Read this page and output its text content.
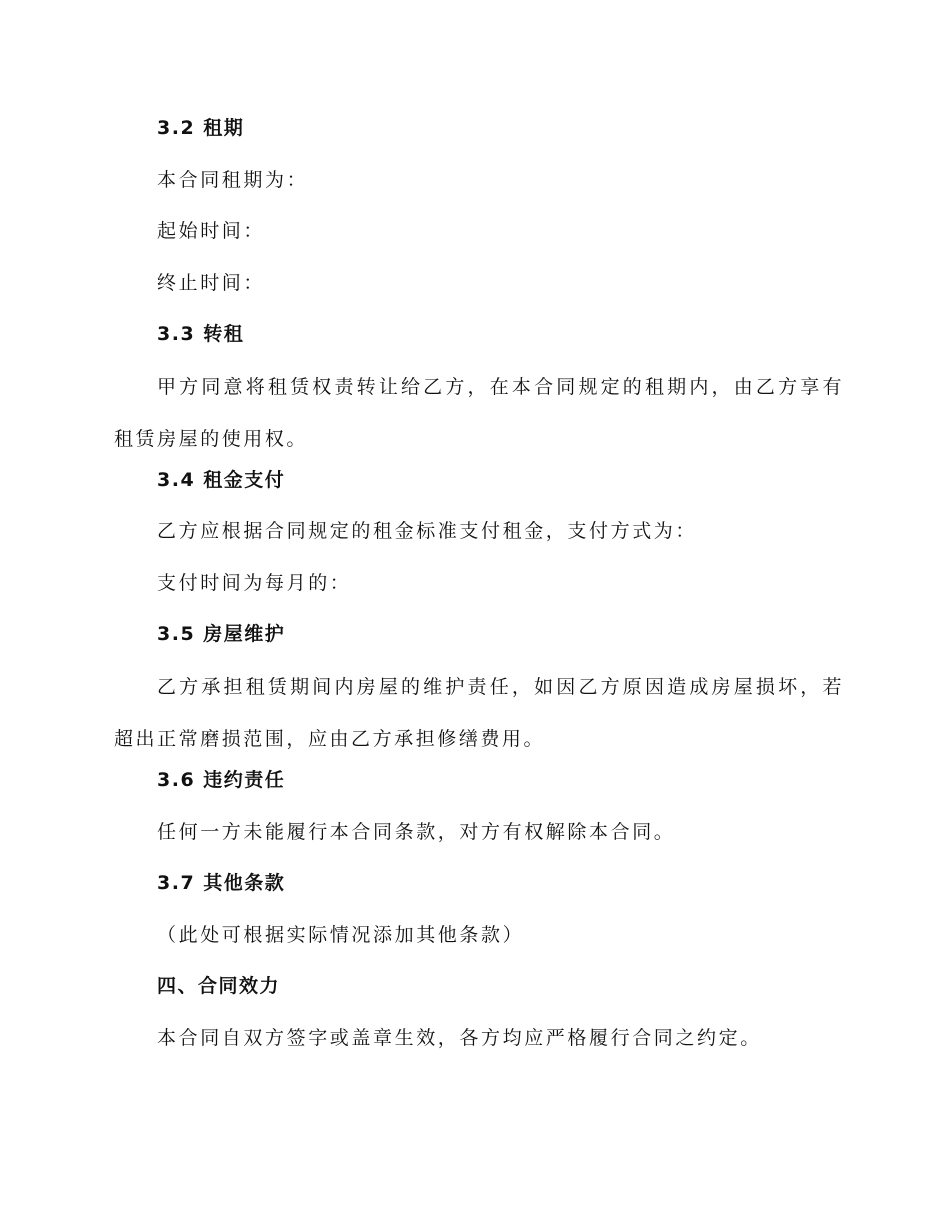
3.2 租期
本合同租期为：
起始时间：
终止时间：
3.3 转租
甲方同意将租赁权责转让给乙方，在本合同规定的租期内，由乙方享有租赁房屋的使用权。
3.4 租金支付
乙方应根据合同规定的租金标准支付租金，支付方式为：
支付时间为每月的：
3.5 房屋维护
乙方承担租赁期间内房屋的维护责任，如因乙方原因造成房屋损坏，若超出正常磨损范围，应由乙方承担修缮费用。
3.6 违约责任
任何一方未能履行本合同条款，对方有权解除本合同。
3.7 其他条款
（此处可根据实际情况添加其他条款）
四、合同效力
本合同自双方签字或盖章生效，各方均应严格履行合同之约定。
